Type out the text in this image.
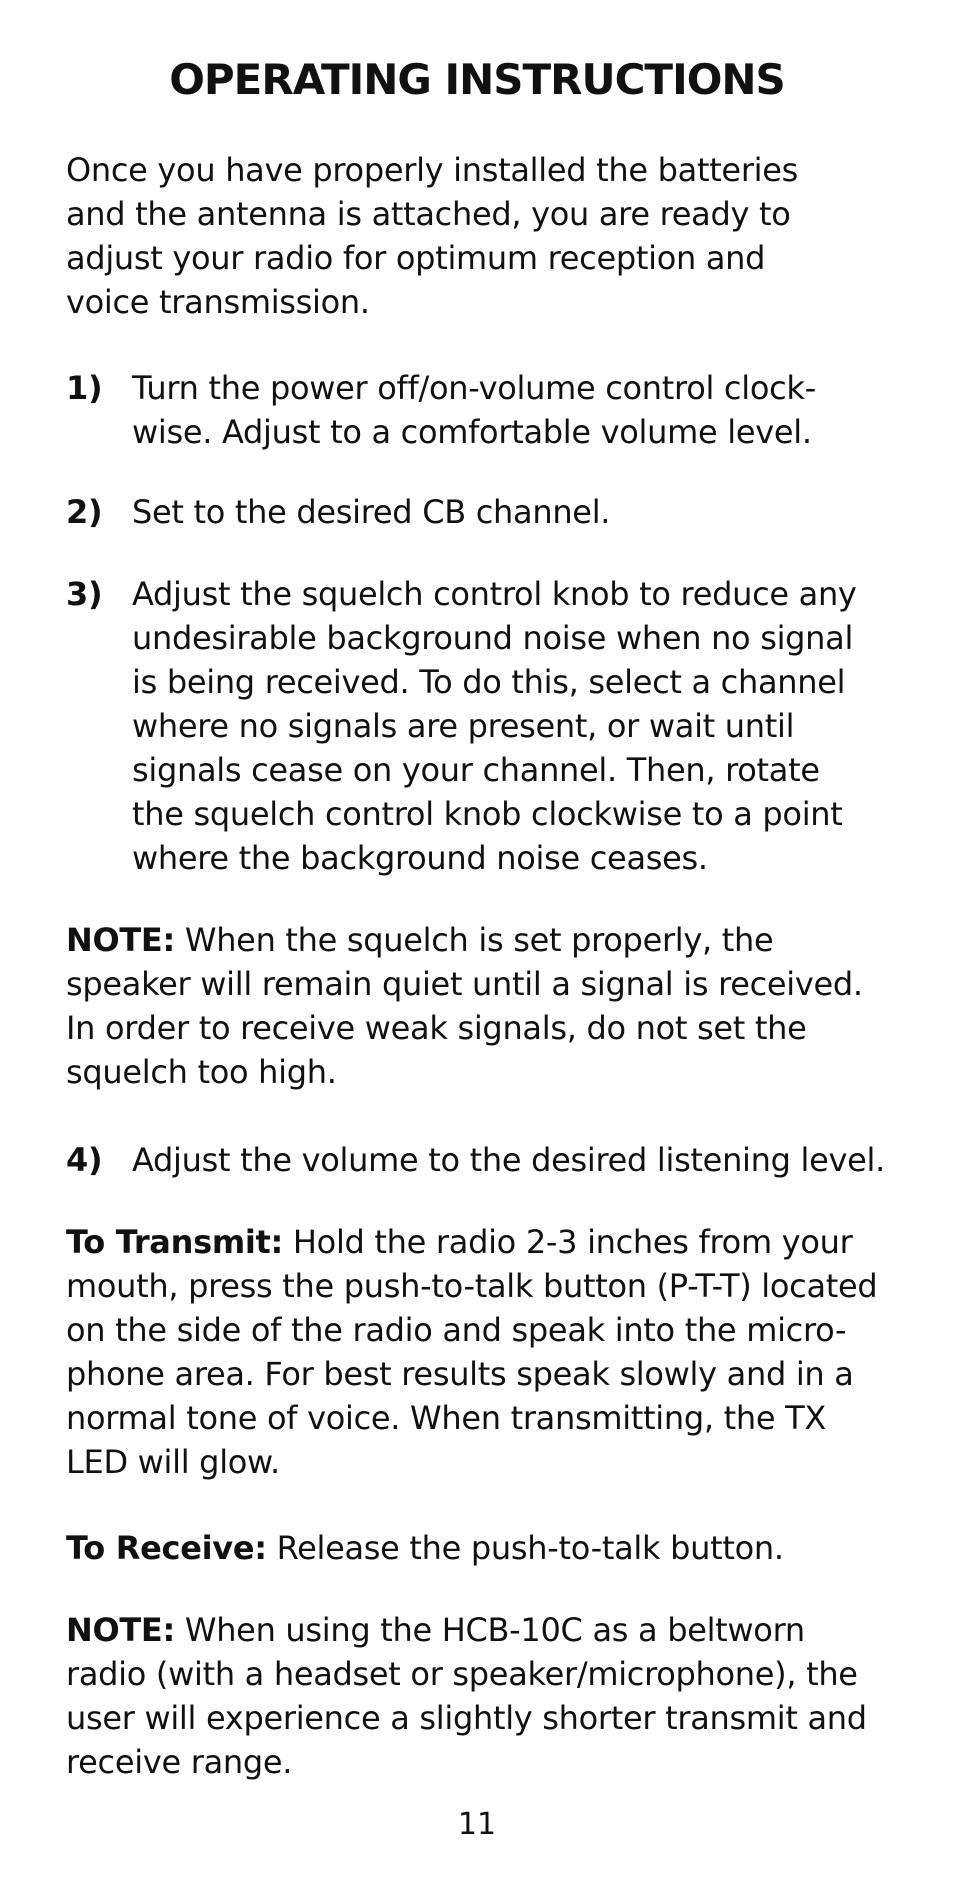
OPERATING INSTRUCTIONS
Once you have properly installed the batteries
and the antenna is attached, you are ready to
adjust your radio for optimum reception and
voice transmission.
1) Turn the power off/on-volume control clock-
wise. Adjust to a comfortable volume level.
2) Set to the desired CB channel.
3) Adjust the squelch control knob to reduce any
undesirable background noise when no signal
is being received. To do this, select a channel
where no signals are present, or wait until
signals cease on your channel. Then, rotate
the squelch control knob clockwise to a point
where the background noise ceases.
NOTE: When the squelch is set properly, the
speaker will remain quiet until a signal is received.
In order to receive weak signals, do not set the
squelch too high.
4) Adjust the volume to the desired listening level.
To Transmit: Hold the radio 2-3 inches from your
mouth, press the push-to-talk button (P-T-T) located
on the side of the radio and speak into the micro-
phone area. For best results speak slowly and in a
normal tone of voice. When transmitting, the TX
LED will glow.
To Receive: Release the push-to-talk button.
NOTE: When using the HCB-10C as a beltworn
radio (with a headset or speaker/microphone), the
user will experience a slightly shorter transmit and
receive range.
11
